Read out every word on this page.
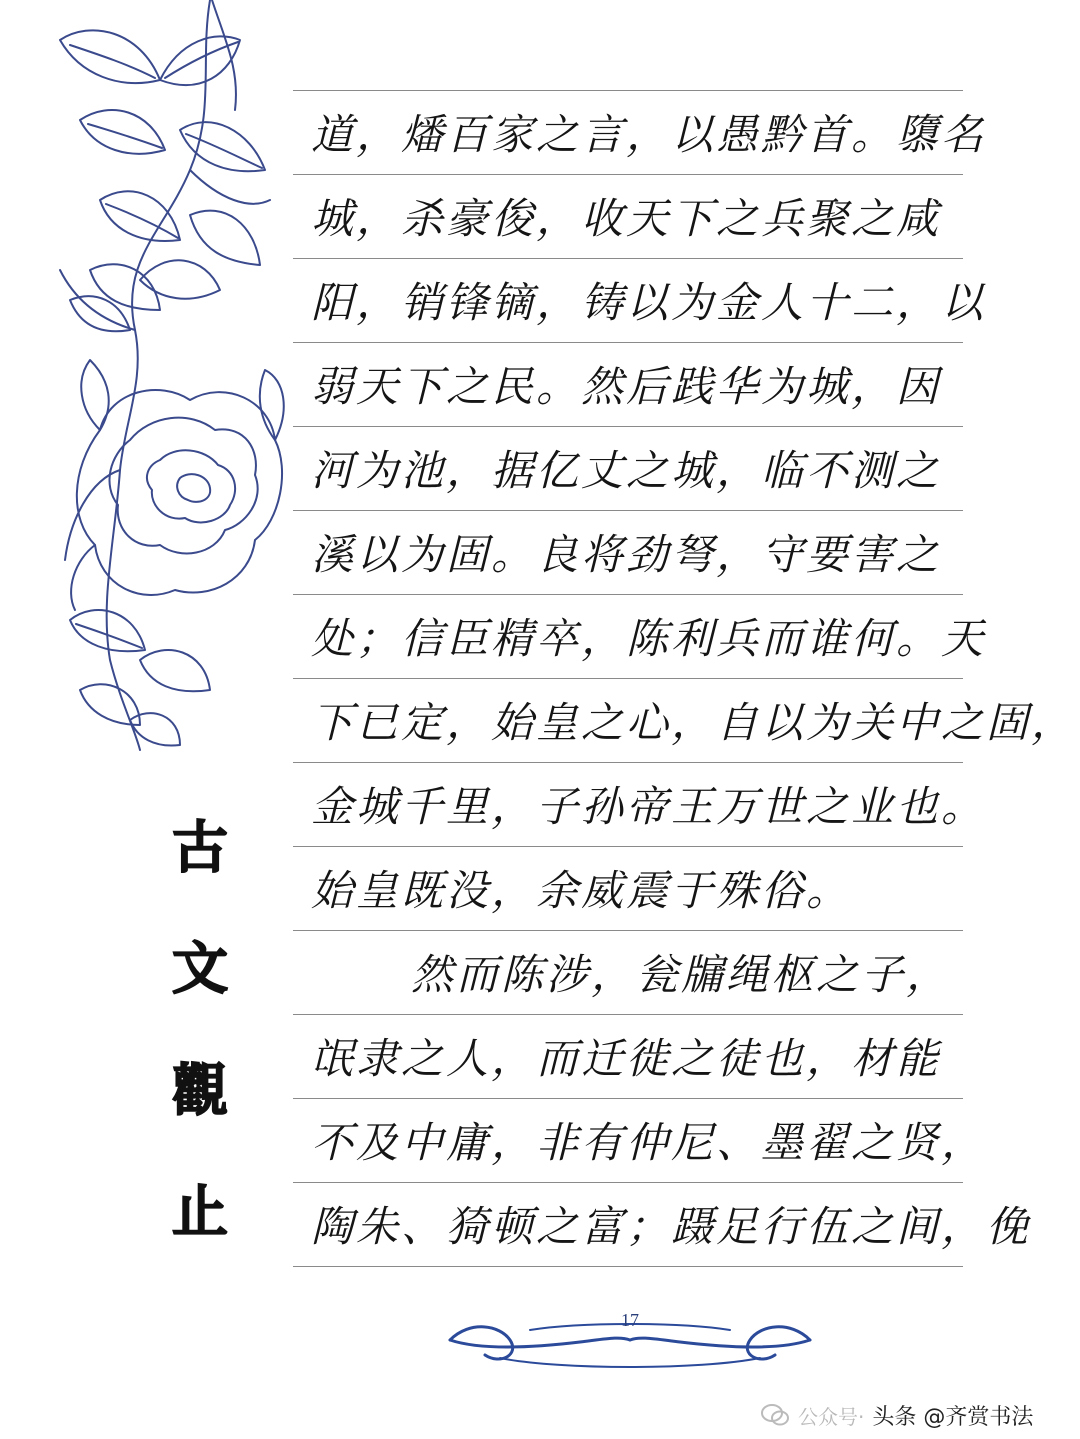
古
文
觀
止
道，燔百家之言，以愚黔首。隳名
城，杀豪俊，收天下之兵聚之咸
阳，销锋镝，铸以为金人十二，以
弱天下之民。然后践华为城，因
河为池，据亿丈之城，临不测之
溪以为固。良将劲弩，守要害之
处；信臣精卒，陈利兵而谁何。天
下已定，始皇之心，自以为关中之固，
金城千里，子孙帝王万世之业也。
始皇既没，余威震于殊俗。
然而陈涉，瓮牖绳枢之子，
氓隶之人，而迁徙之徒也，材能
不及中庸，非有仲尼、墨翟之贤，
陶朱、猗顿之富；蹑足行伍之间，俛
17
公众号· 头条 @齐赏书法
